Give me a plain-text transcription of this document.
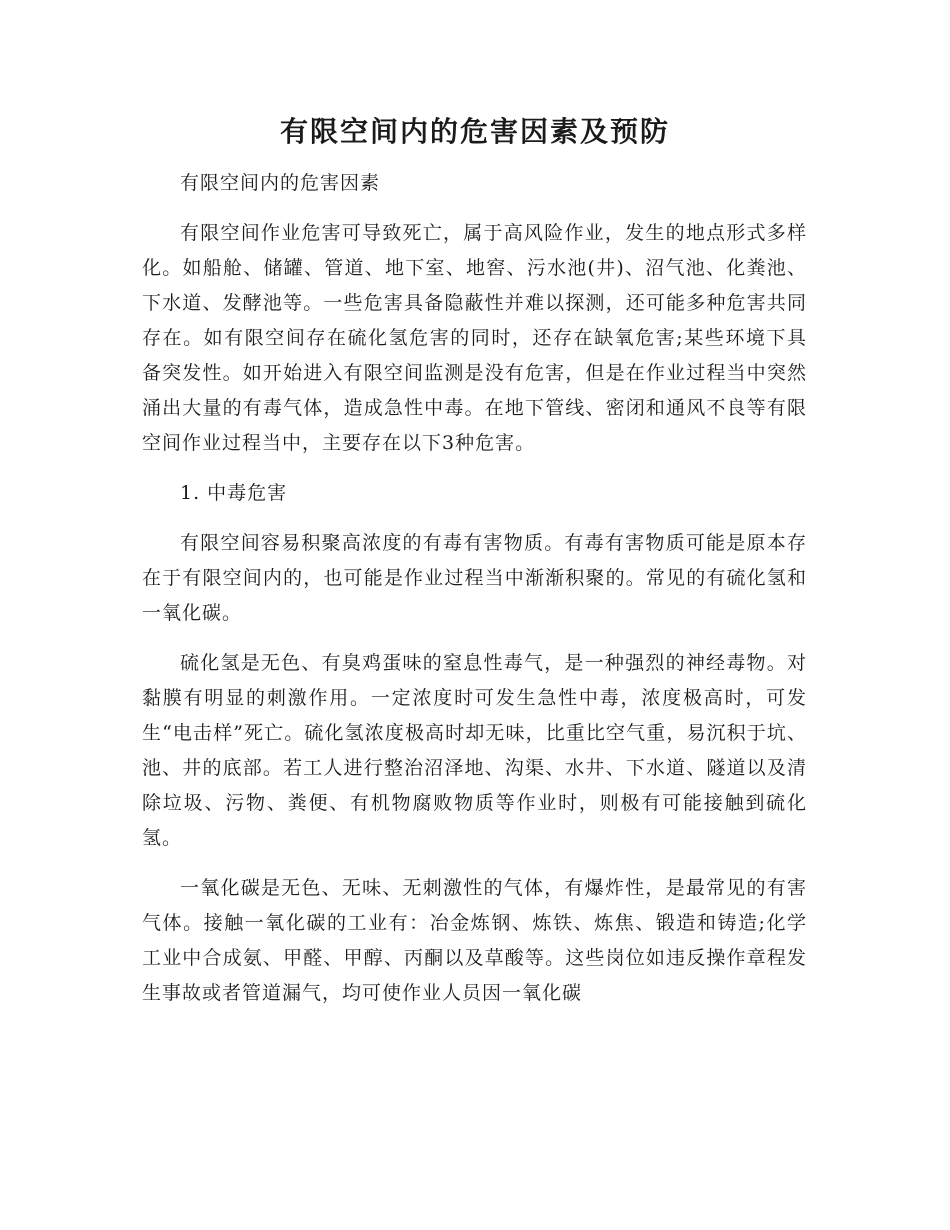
有限空间内的危害因素及预防

有限空间内的危害因素

有限空间作业危害可导致死亡，属于高风险作业，发生的地点形式多样化。如船舱、储罐、管道、地下室、地窖、污水池(井)、沼气池、化粪池、下水道、发酵池等。一些危害具备隐蔽性并难以探测，还可能多种危害共同存在。如有限空间存在硫化氢危害的同时，还存在缺氧危害;某些环境下具备突发性。如开始进入有限空间监测是没有危害，但是在作业过程当中突然涌出大量的有毒气体，造成急性中毒。在地下管线、密闭和通风不良等有限空间作业过程当中，主要存在以下3种危害。

1. 中毒危害

有限空间容易积聚高浓度的有毒有害物质。有毒有害物质可能是原本存在于有限空间内的，也可能是作业过程当中渐渐积聚的。常见的有硫化氢和一氧化碳。

硫化氢是无色、有臭鸡蛋味的窒息性毒气，是一种强烈的神经毒物。对黏膜有明显的刺激作用。一定浓度时可发生急性中毒，浓度极高时，可发生“电击样”死亡。硫化氢浓度极高时却无味，比重比空气重，易沉积于坑、池、井的底部。若工人进行整治沼泽地、沟渠、水井、下水道、隧道以及清除垃圾、污物、粪便、有机物腐败物质等作业时，则极有可能接触到硫化氢。

一氧化碳是无色、无味、无刺激性的气体，有爆炸性，是最常见的有害气体。接触一氧化碳的工业有：冶金炼钢、炼铁、炼焦、锻造和铸造;化学工业中合成氨、甲醛、甲醇、丙酮以及草酸等。这些岗位如违反操作章程发生事故或者管道漏气，均可使作业人员因一氧化碳
